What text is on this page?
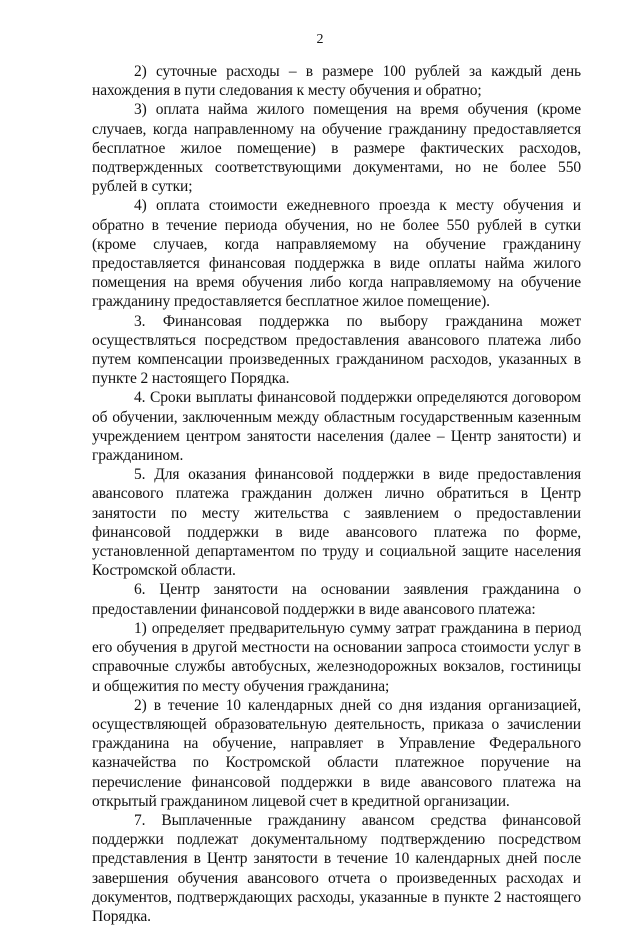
2

2) суточные расходы – в размере 100 рублей за каждый день нахождения в пути следования к месту обучения и обратно;

3) оплата найма жилого помещения на время обучения (кроме случаев, когда направленному на обучение гражданину предоставляется бесплатное жилое помещение) в размере фактических расходов, подтвержденных соответствующими документами, но не более 550 рублей в сутки;

4) оплата стоимости ежедневного проезда к месту обучения и обратно в течение периода обучения, но не более 550 рублей в сутки (кроме случаев, когда направляемому на обучение гражданину предоставляется финансовая поддержка в виде оплаты найма жилого помещения на время обучения либо когда направляемому на обучение гражданину предоставляется бесплатное жилое помещение).

3. Финансовая поддержка по выбору гражданина может осуществляться посредством предоставления авансового платежа либо путем компенсации произведенных гражданином расходов, указанных в пункте 2 настоящего Порядка.

4. Сроки выплаты финансовой поддержки определяются договором об обучении, заключенным между областным государственным казенным учреждением центром занятости населения (далее – Центр занятости) и гражданином.

5. Для оказания финансовой поддержки в виде предоставления авансового платежа гражданин должен лично обратиться в Центр занятости по месту жительства с заявлением о предоставлении финансовой поддержки в виде авансового платежа по форме, установленной департаментом по труду и социальной защите населения Костромской области.

6. Центр занятости на основании заявления гражданина о предоставлении финансовой поддержки в виде авансового платежа:

1) определяет предварительную сумму затрат гражданина в период его обучения в другой местности на основании запроса стоимости услуг в справочные службы автобусных, железнодорожных вокзалов, гостиницы и общежития по месту обучения гражданина;

2) в течение 10 календарных дней со дня издания организацией, осуществляющей образовательную деятельность, приказа о зачислении гражданина на обучение, направляет в Управление Федерального казначейства по Костромской области платежное поручение на перечисление финансовой поддержки в виде авансового платежа на открытый гражданином лицевой счет в кредитной организации.

7. Выплаченные гражданину авансом средства финансовой поддержки подлежат документальному подтверждению посредством представления в Центр занятости в течение 10 календарных дней после завершения обучения авансового отчета о произведенных расходах и документов, подтверждающих расходы, указанные в пункте 2 настоящего Порядка.
